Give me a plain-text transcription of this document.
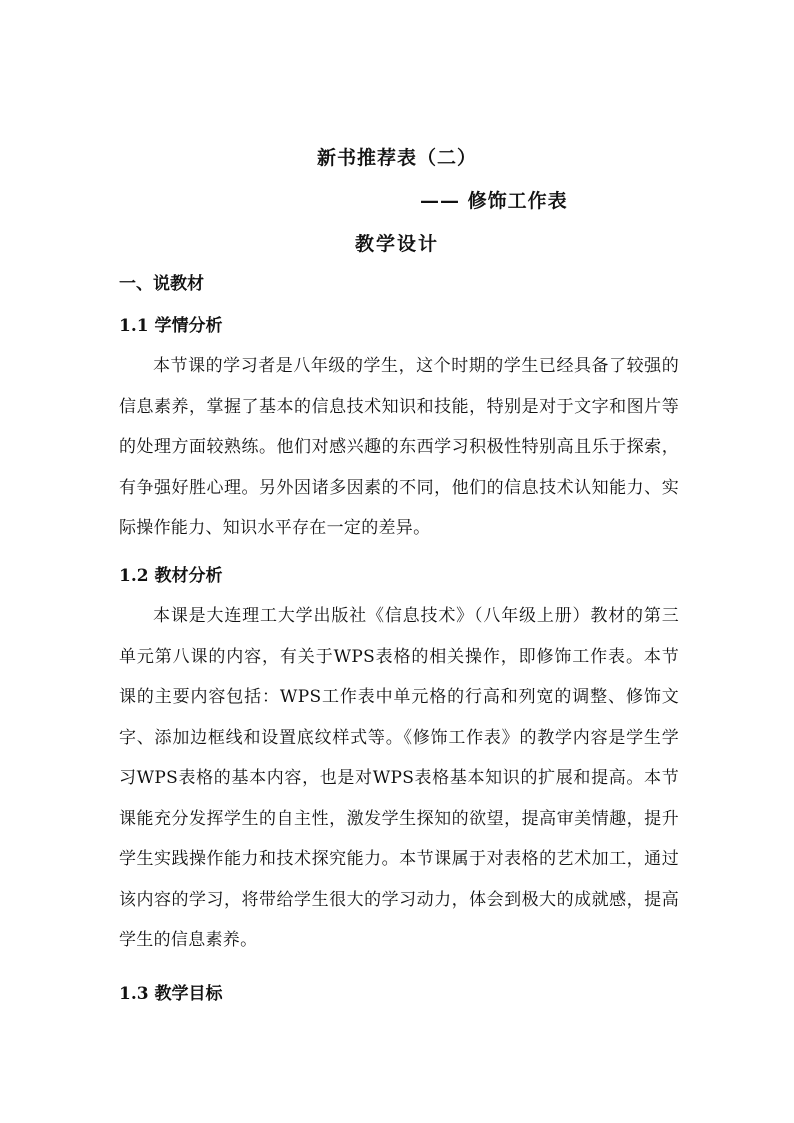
新书推荐表（二）
—— 修饰工作表
教学设计
一、说教材
1.1 学情分析

本节课的学习者是八年级的学生，这个时期的学生已经具备了较强的信息素养，掌握了基本的信息技术知识和技能，特别是对于文字和图片等的处理方面较熟练。他们对感兴趣的东西学习积极性特别高且乐于探索，有争强好胜心理。另外因诸多因素的不同，他们的信息技术认知能力、实际操作能力、知识水平存在一定的差异。

1.2 教材分析

本课是大连理工大学出版社《信息技术》（八年级上册）教材的第三单元第八课的内容，有关于WPS表格的相关操作，即修饰工作表。本节课的主要内容包括：WPS工作表中单元格的行高和列宽的调整、修饰文字、添加边框线和设置底纹样式等。《修饰工作表》的教学内容是学生学习WPS表格的基本内容，也是对WPS表格基本知识的扩展和提高。本节课能充分发挥学生的自主性，激发学生探知的欲望，提高审美情趣，提升学生实践操作能力和技术探究能力。本节课属于对表格的艺术加工，通过该内容的学习，将带给学生很大的学习动力，体会到极大的成就感，提高学生的信息素养。

1.3 教学目标
